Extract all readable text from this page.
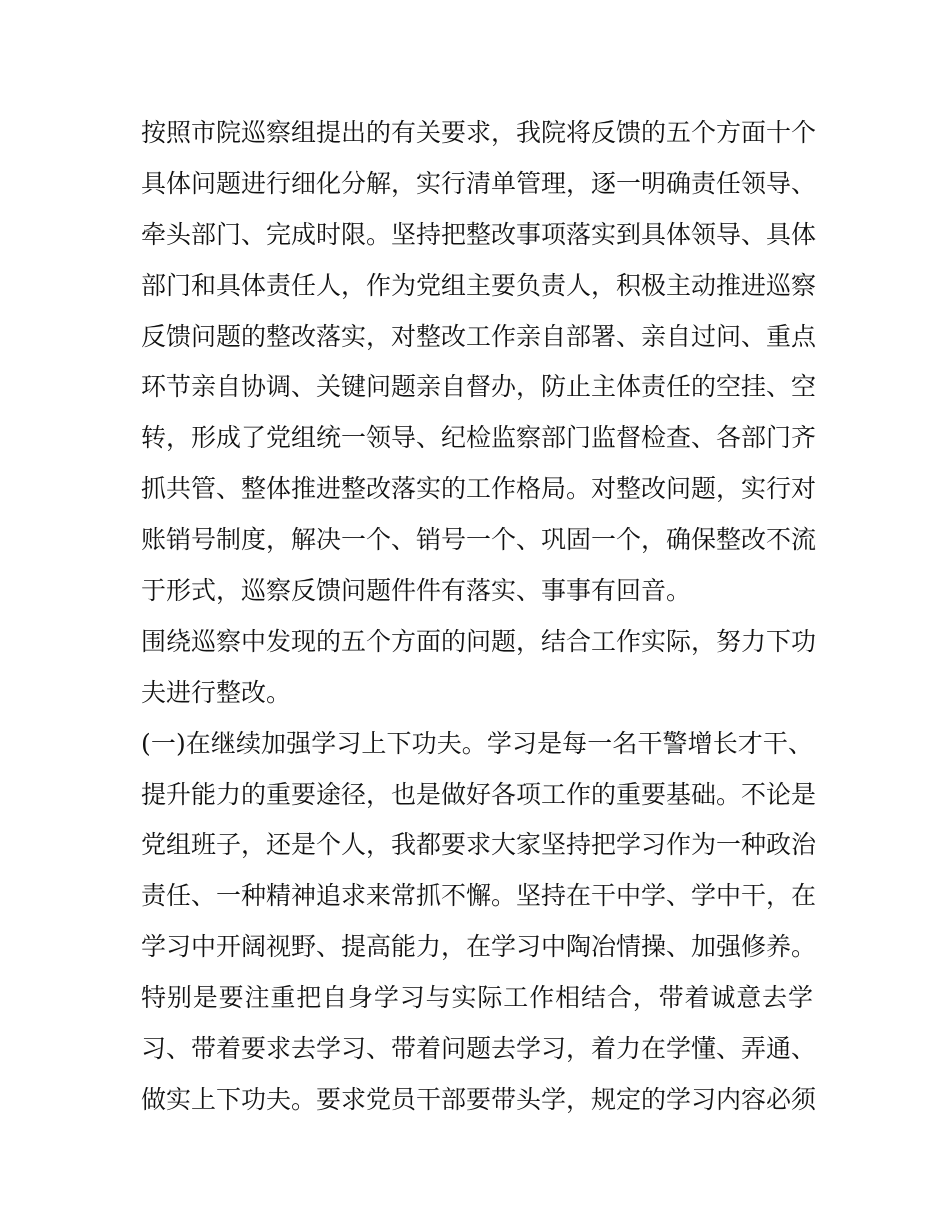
按照市院巡察组提出的有关要求，我院将反馈的五个方面十个
具体问题进行细化分解，实行清单管理，逐一明确责任领导、
牵头部门、完成时限。坚持把整改事项落实到具体领导、具体
部门和具体责任人，作为党组主要负责人，积极主动推进巡察
反馈问题的整改落实，对整改工作亲自部署、亲自过问、重点
环节亲自协调、关键问题亲自督办，防止主体责任的空挂、空
转，形成了党组统一领导、纪检监察部门监督检查、各部门齐
抓共管、整体推进整改落实的工作格局。对整改问题，实行对
账销号制度，解决一个、销号一个、巩固一个，确保整改不流
于形式，巡察反馈问题件件有落实、事事有回音。
围绕巡察中发现的五个方面的问题，结合工作实际，努力下功
夫进行整改。
(一)在继续加强学习上下功夫。学习是每一名干警增长才干、
提升能力的重要途径，也是做好各项工作的重要基础。不论是
党组班子，还是个人，我都要求大家坚持把学习作为一种政治
责任、一种精神追求来常抓不懈。坚持在干中学、学中干，在
学习中开阔视野、提高能力，在学习中陶冶情操、加强修养。
特别是要注重把自身学习与实际工作相结合，带着诚意去学
习、带着要求去学习、带着问题去学习，着力在学懂、弄通、
做实上下功夫。要求党员干部要带头学，规定的学习内容必须
